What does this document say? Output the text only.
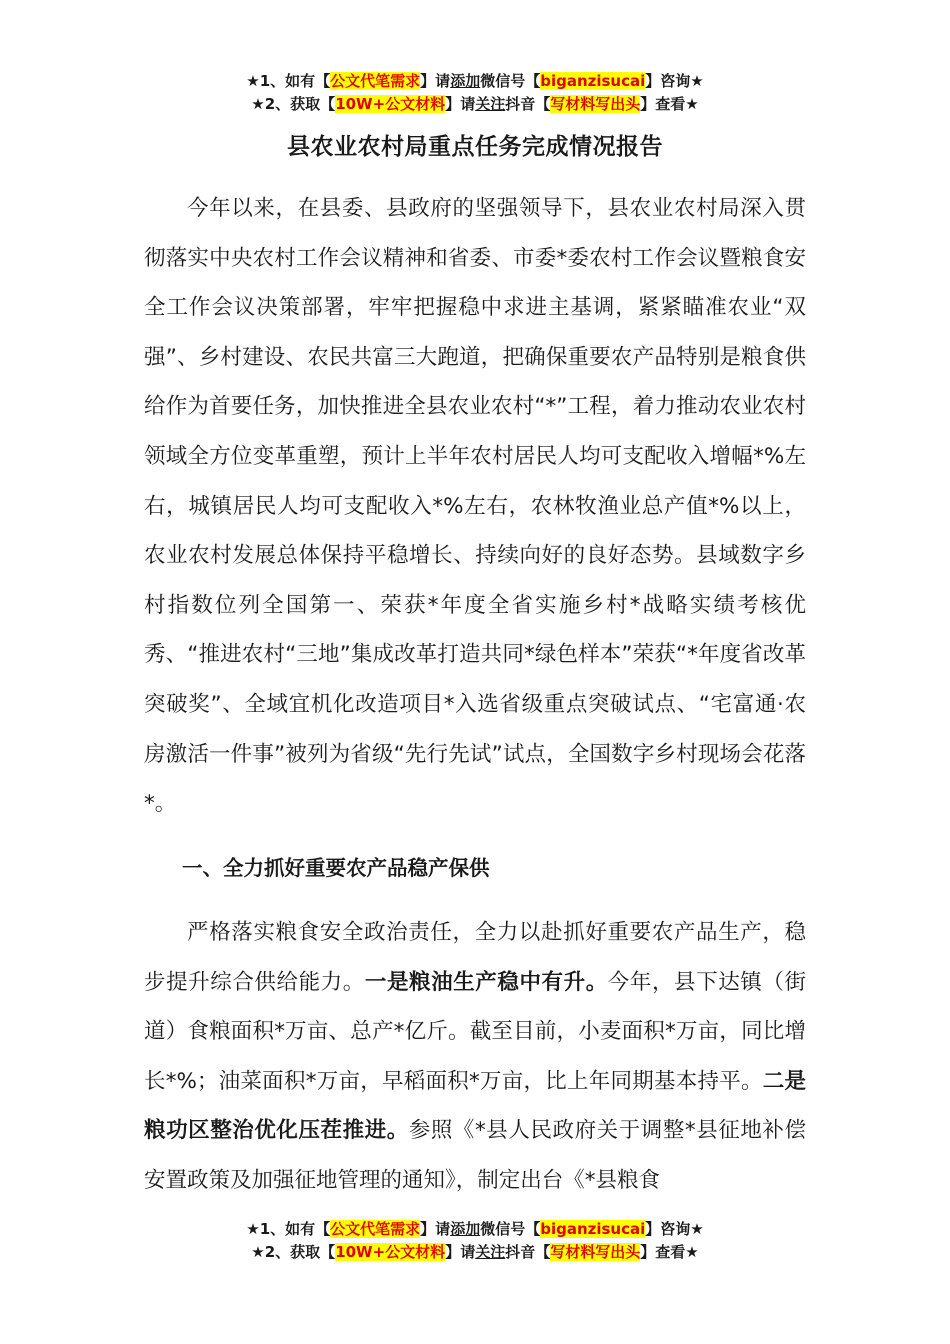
★1、如有【公文代笔需求】请添加微信号【biganzisucai】咨询★
★2、获取【10W+公文材料】请关注抖音【写材料写出头】查看★
县农业农村局重点任务完成情况报告
今年以来，在县委、县政府的坚强领导下，县农业农村局深入贯彻落实中央农村工作会议精神和省委、市委*委农村工作会议暨粮食安全工作会议决策部署，牢牢把握稳中求进主基调，紧紧瞄准农业“双强”、乡村建设、农民共富三大跑道，把确保重要农产品特别是粮食供给作为首要任务，加快推进全县农业农村“*”工程，着力推动农业农村领域全方位变革重塑，预计上半年农村居民人均可支配收入增幅*%左右，城镇居民人均可支配收入*%左右，农林牧渔业总产值*%以上，农业农村发展总体保持平稳增长、持续向好的良好态势。县域数字乡村指数位列全国第一、荣获*年度全省实施乡村*战略实绩考核优秀、“推进农村“三地”集成改革打造共同*绿色样本”荣获“*年度省改革突破奖”、全域宜机化改造项目*入选省级重点突破试点、“宅富通·农房激活一件事”被列为省级“先行先试”试点，全国数字乡村现场会花落*。
一、全力抓好重要农产品稳产保供
严格落实粮食安全政治责任，全力以赴抓好重要农产品生产，稳步提升综合供给能力。一是粮油生产稳中有升。今年，县下达镇（街道）食粮面积*万亩、总产*亿斤。截至目前，小麦面积*万亩，同比增长*%；油菜面积*万亩，早稻面积*万亩，比上年同期基本持平。二是粮功区整治优化压茬推进。参照《*县人民政府关于调整*县征地补偿安置政策及加强征地管理的通知》，制定出台《*县粮食
★1、如有【公文代笔需求】请添加微信号【biganzisucai】咨询★
★2、获取【10W+公文材料】请关注抖音【写材料写出头】查看★
